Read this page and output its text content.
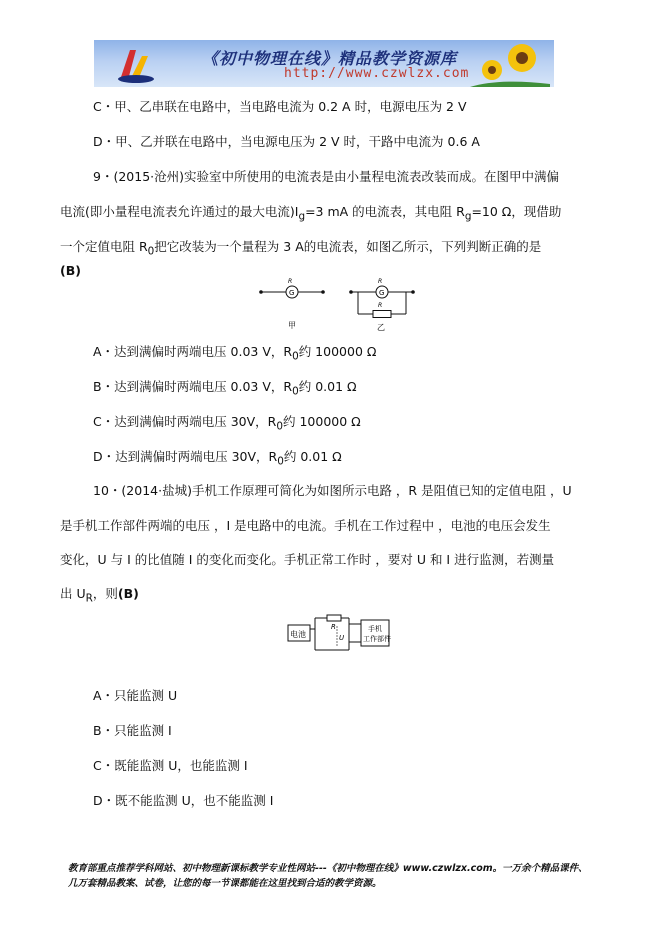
《初中物理在线》精品教学资源库
http://www.czwlzx.com
C・甲、乙串联在电路中，当电路电流为 0.2 A 时，电源电压为 2 V
D・甲、乙并联在电路中，当电源电压为 2 V 时，干路中电流为 0.6 A
9・(2015·沧州)实验室中所使用的电流表是由小量程电流表改装而成。在图甲中满偏
电流(即小量程电流表允许通过的最大电流)$I_g=3$ mA 的电流表，其电阻 $R_g=10$ Ω，现借助
一个定值电阻 $R_0$把它改装为一个量程为 3 A的电流表，如图乙所示，下列判断正确的是
(B)
G
R
甲
G
R
R
乙
A・达到满偏时两端电压 0.03 V，$R_0$约 100000 Ω
B・达到满偏时两端电压 0.03 V，$R_0$约 0.01 Ω
C・达到满偏时两端电压 30V，$R_0$约 100000 Ω
D・达到满偏时两端电压 30V，$R_0$约 0.01 Ω
10・(2014·盐城)手机工作原理可简化为如图所示电路 ，R 是阻值已知的定值电阻 ，U
是手机工作部件两端的电压 ，I 是电路中的电流。手机在工作过程中 ，电池的电压会发生
变化，U 与 I 的比值随 I 的变化而变化。手机正常工作时 ，要对 U 和 I 进行监测，若测量
出 $U_R$，则(B)
电池
R
U
手机
工作部件
A・只能监测 U
B・只能监测 I
C・既能监测 U，也能监测 I
D・既不能监测 U，也不能监测 I
教育部重点推荐学科网站、初中物理新课标教学专业性网站---《初中物理在线》www.czwlzx.com。一万余个精品课件、
几万套精品教案、试卷，让您的每一节课都能在这里找到合适的教学资源。
